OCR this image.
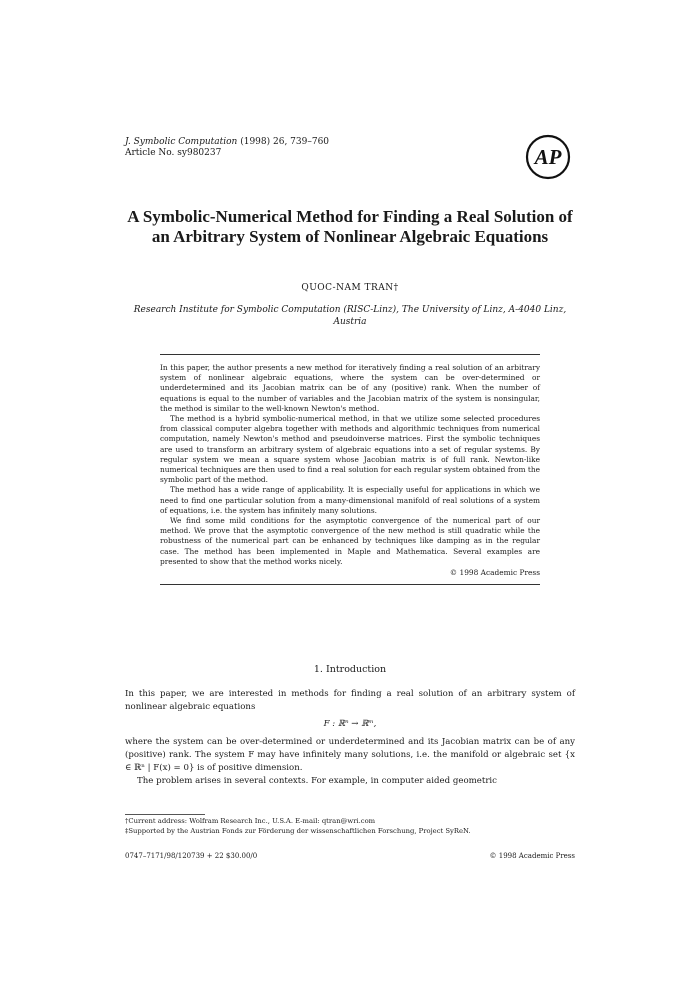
J. Symbolic Computation (1998) 26, 739–760
Article No. sy980237	AP
A Symbolic-Numerical Method for Finding a Real Solution of an Arbitrary System of Nonlinear Algebraic Equations
QUOC-NAM TRAN†
Research Institute for Symbolic Computation (RISC-Linz), The University of Linz, A-4040 Linz, Austria

In this paper, the author presents a new method for iteratively finding a real solution of an arbitrary system of nonlinear algebraic equations, where the system can be over-determined or underdetermined and its Jacobian matrix can be of any (positive) rank. When the number of equations is equal to the number of variables and the Jacobian matrix of the system is nonsingular, the method is similar to the well-known Newton's method.

The method is a hybrid symbolic-numerical method, in that we utilize some selected procedures from classical computer algebra together with methods and algorithmic techniques from numerical computation, namely Newton's method and pseudoinverse matrices. First the symbolic techniques are used to transform an arbitrary system of algebraic equations into a set of regular systems. By regular system we mean a square system whose Jacobian matrix is of full rank. Newton-like numerical techniques are then used to find a real solution for each regular system obtained from the symbolic part of the method.

The method has a wide range of applicability. It is especially useful for applications in which we need to find one particular solution from a many-dimensional manifold of real solutions of a system of equations, i.e. the system has infinitely many solutions.

We find some mild conditions for the asymptotic convergence of the numerical part of our method. We prove that the asymptotic convergence of the new method is still quadratic while the robustness of the numerical part can be enhanced by techniques like damping as in the regular case. The method has been implemented in Maple and Mathematica. Several examples are presented to show that the method works nicely.

© 1998 Academic Press
1. Introduction

In this paper, we are interested in methods for finding a real solution of an arbitrary system of nonlinear algebraic equations

F : ℝⁿ → ℝᵐ,

where the system can be over-determined or underdetermined and its Jacobian matrix can be of any (positive) rank. The system F may have infinitely many solutions, i.e. the manifold or algebraic set {x ∈ ℝⁿ | F(x) = 0} is of positive dimension.

The problem arises in several contexts. For example, in computer aided geometric

†Current address: Wolfram Research Inc., U.S.A. E-mail: qtran@wri.com
‡Supported by the Austrian Fonds zur Förderung der wissenschaftlichen Forschung, Project SyReN.
0747–7171/98/120739 + 22 $30.00/0	© 1998 Academic Press
